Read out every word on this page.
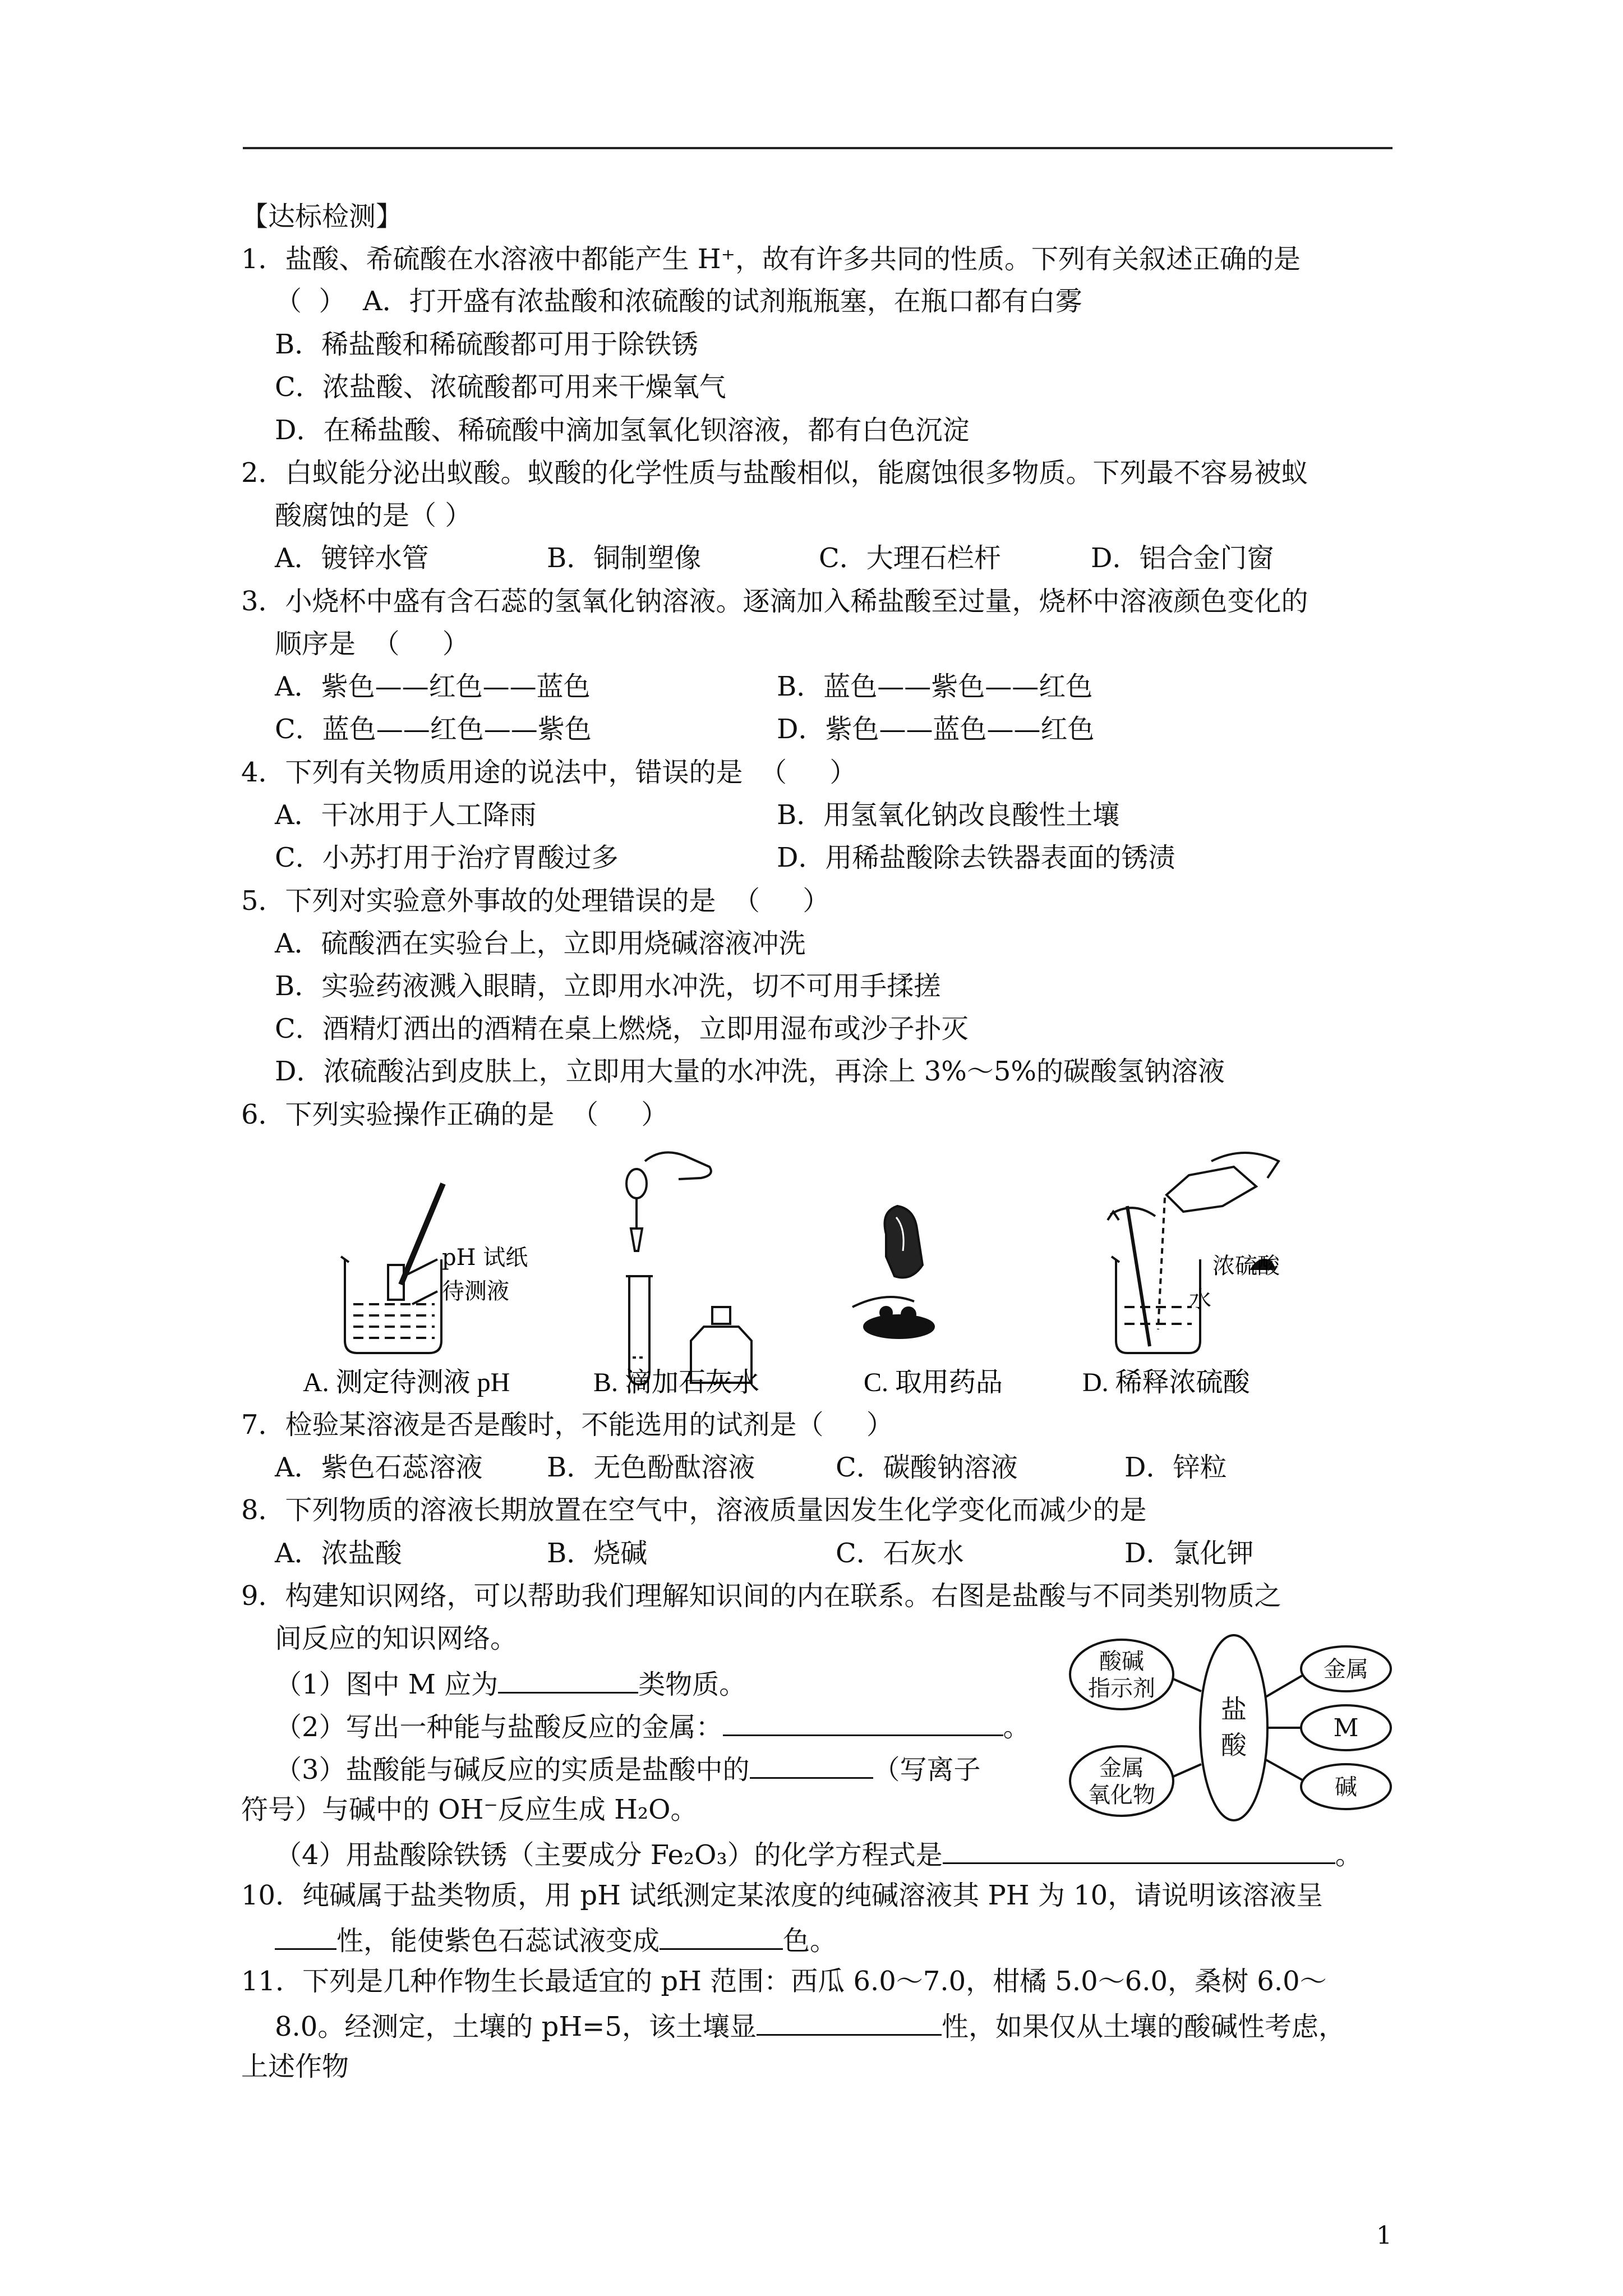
【达标检测】
1．盐酸、希硫酸在水溶液中都能产生 H⁺，故有许多共同的性质。下列有关叙述正确的是
（  ）  A．打开盛有浓盐酸和浓硫酸的试剂瓶瓶塞，在瓶口都有白雾
B．稀盐酸和稀硫酸都可用于除铁锈
C．浓盐酸、浓硫酸都可用来干燥氧气
D．在稀盐酸、稀硫酸中滴加氢氧化钡溶液，都有白色沉淀
2．白蚁能分泌出蚁酸。蚁酸的化学性质与盐酸相似，能腐蚀很多物质。下列最不容易被蚁
酸腐蚀的是（ ）
A．镀锌水管	B．铜制塑像	C．大理石栏杆	D．铝合金门窗
3．小烧杯中盛有含石蕊的氢氧化钠溶液。逐滴加入稀盐酸至过量，烧杯中溶液颜色变化的
顺序是  （     ）
A．紫色——红色——蓝色	B．蓝色——紫色——红色
C．蓝色——红色——紫色	D．紫色——蓝色——红色
4．下列有关物质用途的说法中，错误的是  （     ）
A．干冰用于人工降雨	B．用氢氧化钠改良酸性土壤
C．小苏打用于治疗胃酸过多	D．用稀盐酸除去铁器表面的锈渍
5．下列对实验意外事故的处理错误的是  （     ）
A．硫酸洒在实验台上，立即用烧碱溶液冲洗
B．实验药液溅入眼睛，立即用水冲洗，切不可用手揉搓
C．酒精灯洒出的酒精在桌上燃烧，立即用湿布或沙子扑灭
D．浓硫酸沾到皮肤上，立即用大量的水冲洗，再涂上 3%～5%的碳酸氢钠溶液
6．下列实验操作正确的是  （     ）
pH 试纸
待测液
浓硫酸
水
A. 测定待测液 pH	B. 滴加石灰水	C. 取用药品	D. 稀释浓硫酸
7．检验某溶液是否是酸时，不能选用的试剂是（     ）
A．紫色石蕊溶液 B．无色酚酞溶液	C．碳酸钠溶液	D．锌粒
8．下列物质的溶液长期放置在空气中，溶液质量因发生化学变化而减少的是
A．浓盐酸	B．烧碱	C．石灰水	D．氯化钾
9．构建知识网络，可以帮助我们理解知识间的内在联系。右图是盐酸与不同类别物质之
间反应的知识网络。
（1）图中 M 应为	类物质。
（2）写出一种能与盐酸反应的金属：	。
（3）盐酸能与碱反应的实质是盐酸中的	（写离子
符号）与碱中的 OH⁻反应生成 H₂O。
（4）用盐酸除铁锈（主要成分 Fe₂O₃）的化学方程式是	。
酸碱
指示剂
金属
氧化物
盐
酸
金属
M
碱
10．纯碱属于盐类物质，用 pH 试纸测定某浓度的纯碱溶液其 PH 为 10，请说明该溶液呈
性，能使紫色石蕊试液变成	色。
11．下列是几种作物生长最适宜的 pH 范围：西瓜 6.0～7.0，柑橘 5.0～6.0，桑树 6.0～
8.0。经测定，土壤的 pH=5，该土壤显	性，如果仅从土壤的酸碱性考虑，
上述作物
1
